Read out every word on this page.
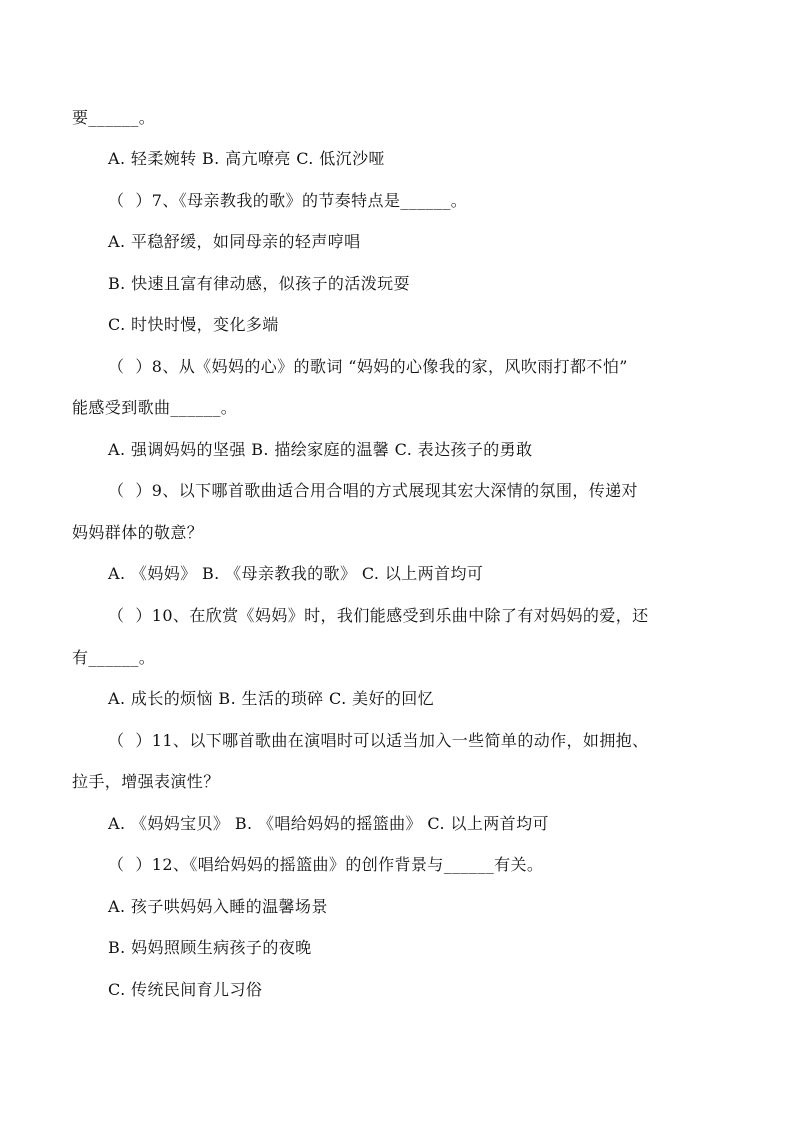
要______。
A. 轻柔婉转 B. 高亢嘹亮 C. 低沉沙哑
（  ）7、《母亲教我的歌》的节奏特点是______。
A. 平稳舒缓，如同母亲的轻声哼唱
B. 快速且富有律动感，似孩子的活泼玩耍
C. 时快时慢，变化多端
（  ）8、从《妈妈的心》的歌词 “妈妈的心像我的家，风吹雨打都不怕”
能感受到歌曲______。
A. 强调妈妈的坚强 B. 描绘家庭的温馨 C. 表达孩子的勇敢
（  ）9、以下哪首歌曲适合用合唱的方式展现其宏大深情的氛围，传递对
妈妈群体的敬意？
A. 《妈妈》 B. 《母亲教我的歌》 C. 以上两首均可
（  ）10、在欣赏《妈妈》时，我们能感受到乐曲中除了有对妈妈的爱，还
有______。
A. 成长的烦恼 B. 生活的琐碎 C. 美好的回忆
（  ）11、以下哪首歌曲在演唱时可以适当加入一些简单的动作，如拥抱、
拉手，增强表演性？
A. 《妈妈宝贝》 B. 《唱给妈妈的摇篮曲》 C. 以上两首均可
（  ）12、《唱给妈妈的摇篮曲》的创作背景与______有关。
A. 孩子哄妈妈入睡的温馨场景
B. 妈妈照顾生病孩子的夜晚
C. 传统民间育儿习俗
